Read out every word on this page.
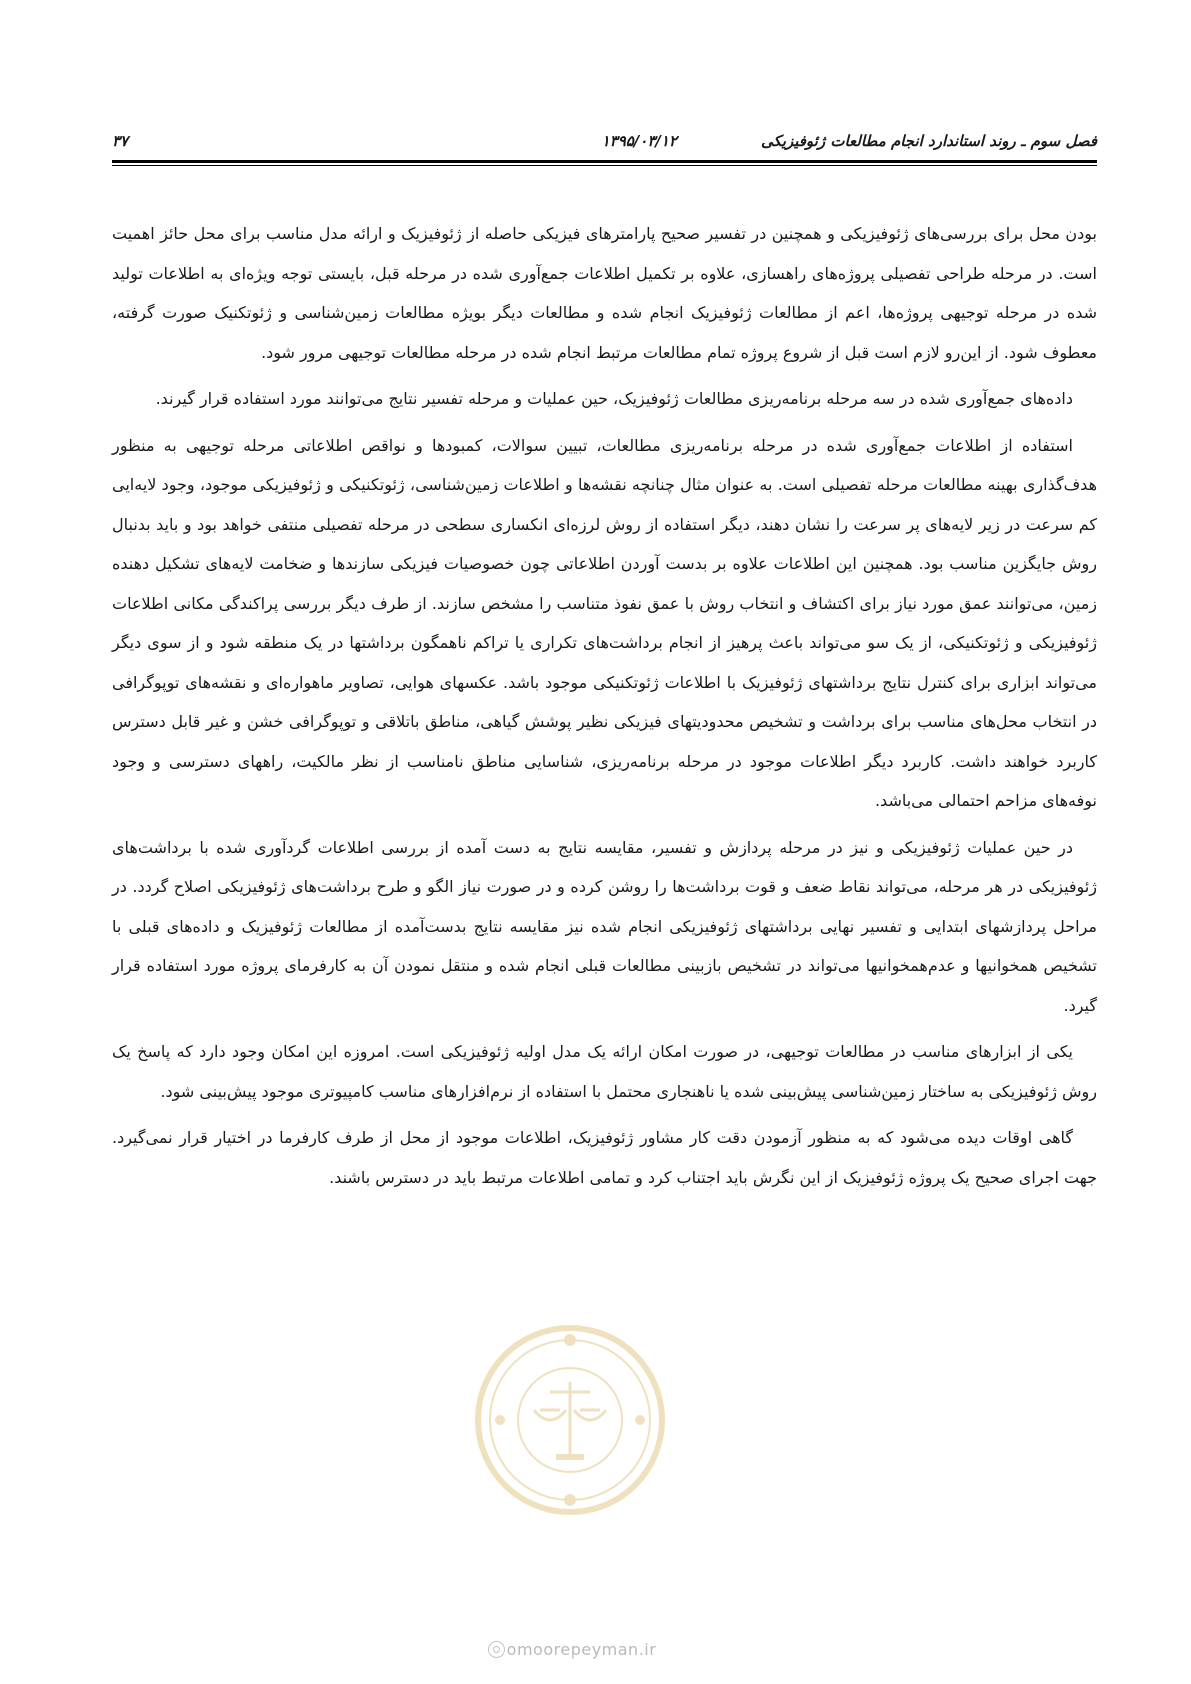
فصل سوم ـ روند استاندارد انجام مطالعات ژئوفیزیکی
۱۳۹۵/۰۳/۱۲
۳۷

بودن محل برای بررسی‌های ژئوفیزیکی و همچنین در تفسیر صحیح پارامترهای فیزیکی حاصله از ژئوفیزیک و ارائه مدل مناسب برای محل حائز اهمیت است. در مرحله طراحی تفصیلی پروژه‌های راهسازی، علاوه بر تکمیل اطلاعات جمع‌آوری شده در مرحله قبل، بایستی توجه ویژه‌ای به اطلاعات تولید شده در مرحله توجیهی پروژه‌ها، اعم از مطالعات ژئوفیزیک انجام شده و مطالعات دیگر بویژه مطالعات زمین‌شناسی و ژئوتکنیک صورت گرفته، معطوف شود. از این‌رو لازم است قبل از شروع پروژه تمام مطالعات مرتبط انجام شده در مرحله مطالعات توجیهی مرور شود.

داده‌های جمع‌آوری شده در سه مرحله برنامه‌ریزی مطالعات ژئوفیزیک، حین عملیات و مرحله تفسیر نتایج می‌توانند مورد استفاده قرار گیرند.

استفاده از اطلاعات جمع‌آوری شده در مرحله برنامه‌ریزی مطالعات، تبیین سوالات، کمبودها و نواقص اطلاعاتی مرحله توجیهی به منظور هدف‌گذاری بهینه مطالعات مرحله تفصیلی است. به عنوان مثال چنانچه نقشه‌ها و اطلاعات زمین‌شناسی، ژئوتکنیکی و ژئوفیزیکی موجود، وجود لایه‌ایی کم سرعت در زیر لایه‌های پر سرعت را نشان دهند، دیگر استفاده از روش لرزه‌ای انکساری سطحی در مرحله تفصیلی منتفی خواهد بود و باید بدنبال روش جایگزین مناسب بود. همچنین این اطلاعات علاوه بر بدست آوردن اطلاعاتی چون خصوصیات فیزیکی سازندها و ضخامت لایه‌های تشکیل دهنده زمین، می‌توانند عمق مورد نیاز برای اکتشاف و انتخاب روش با عمق نفوذ متناسب را مشخص سازند. از طرف دیگر بررسی پراکندگی مکانی اطلاعات ژئوفیزیکی و ژئوتکنیکی، از یک سو می‌تواند باعث پرهیز از انجام برداشت‌های تکراری یا تراکم ناهمگون برداشتها در یک منطقه شود و از سوی دیگر می‌تواند ابزاری برای کنترل نتایج برداشتهای ژئوفیزیک با اطلاعات ژئوتکنیکی موجود باشد. عکسهای هوایی، تصاویر ماهواره‌ای و نقشه‌های توپوگرافی در انتخاب محل‌های مناسب برای برداشت و تشخیص محدودیتهای فیزیکی نظیر پوشش گیاهی، مناطق باتلاقی و توپوگرافی خشن و غیر قابل دسترس کاربرد خواهند داشت. کاربرد دیگر اطلاعات موجود در مرحله برنامه‌ریزی، شناسایی مناطق نامناسب از نظر مالکیت، راههای دسترسی و وجود نوفه‌های مزاحم احتمالی می‌باشد.

در حین عملیات ژئوفیزیکی و نیز در مرحله پردازش و تفسیر، مقایسه نتایج به دست آمده از بررسی اطلاعات گردآوری شده با برداشت‌های ژئوفیزیکی در هر مرحله، می‌تواند نقاط ضعف و قوت برداشت‌ها را روشن کرده و در صورت نیاز الگو و طرح برداشت‌های ژئوفیزیکی اصلاح گردد. در مراحل پردازشهای ابتدایی و تفسیر نهایی برداشتهای ژئوفیزیکی انجام شده نیز مقایسه نتایج بدست‌آمده از مطالعات ژئوفیزیک و داده‌های قبلی با تشخیص همخوانیها و عدم‌همخوانیها می‌تواند در تشخیص بازبینی مطالعات قبلی انجام شده و منتقل نمودن آن به کارفرمای پروژه مورد استفاده قرار گیرد.

یکی از ابزارهای مناسب در مطالعات توجیهی، در صورت امکان ارائه یک مدل اولیه ژئوفیزیکی است. امروزه این امکان وجود دارد که پاسخ یک روش ژئوفیزیکی به ساختار زمین‌شناسی پیش‌بینی شده یا ناهنجاری محتمل با استفاده از نرم‌افزارهای مناسب کامپیوتری موجود پیش‌بینی شود.

گاهی اوقات دیده می‌شود که به منظور آزمودن دقت کار مشاور ژئوفیزیک، اطلاعات موجود از محل از طرف کارفرما در اختیار قرار نمی‌گیرد. جهت اجرای صحیح یک پروژه ژئوفیزیک از این نگرش باید اجتناب کرد و تمامی اطلاعات مرتبط باید در دسترس باشند.

omoorepeyman.ir
